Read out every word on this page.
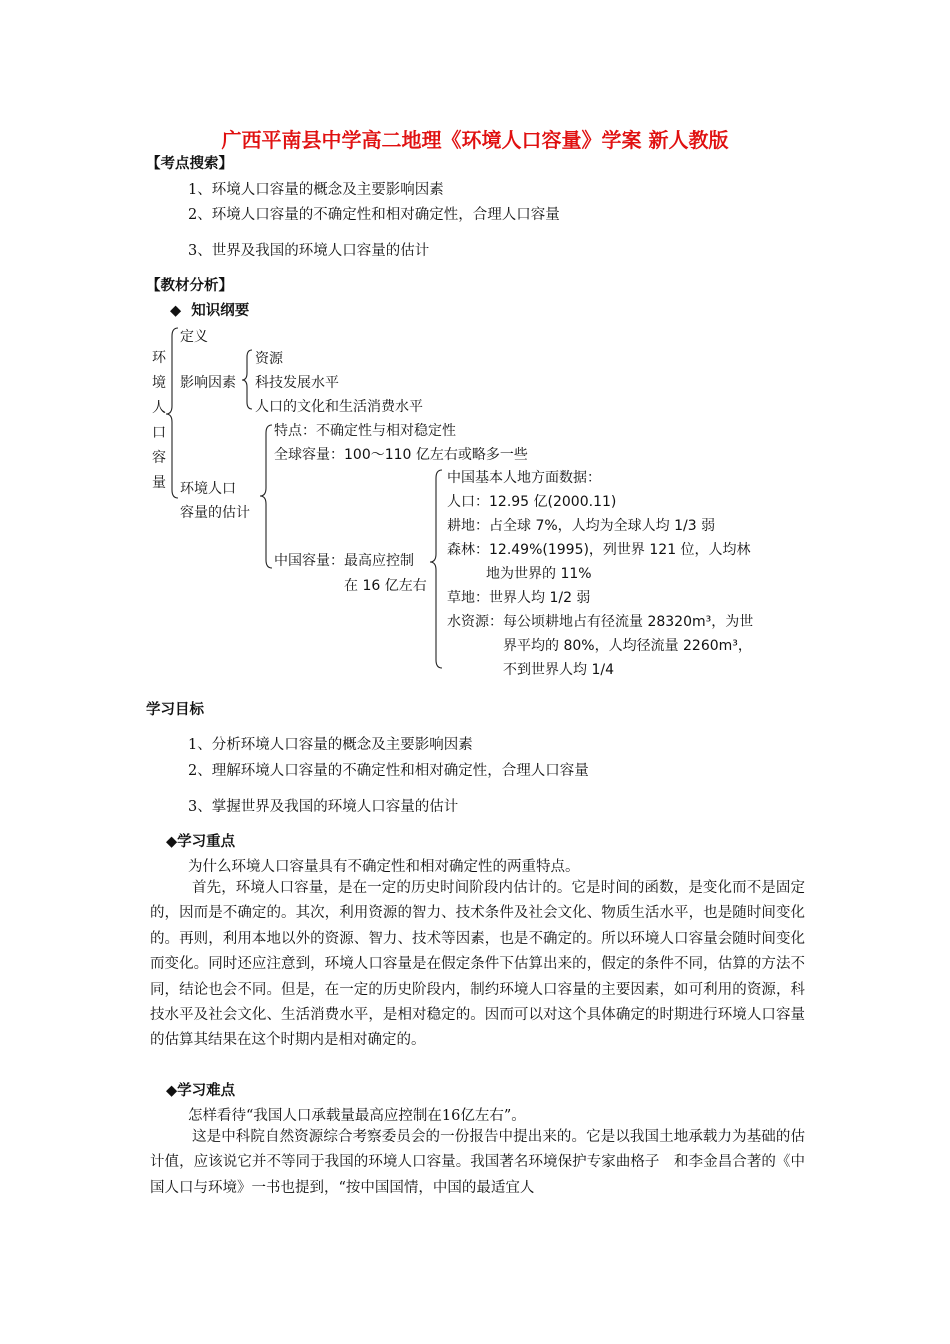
广西平南县中学高二地理《环境人口容量》学案 新人教版
【考点搜索】
1、环境人口容量的概念及主要影响因素
2、环境人口容量的不确定性和相对确定性，合理人口容量
3、世界及我国的环境人口容量的估计
【教材分析】
◆ 知识纲要
环境人口容量
定义
影响因素
资源
科技发展水平
人口的文化和生活消费水平
环境人口
容量的估计
特点：不确定性与相对稳定性
全球容量：100～110 亿左右或略多一些
中国容量：最高应控制
在 16 亿左右
中国基本人地方面数据：
人口：12.95 亿(2000.11)
耕地：占全球 7%，人均为全球人均 1/3 弱
森林：12.49%(1995)，列世界 121 位，人均林
地为世界的 11%
草地：世界人均 1/2 弱
水资源：每公顷耕地占有径流量 28320m³，为世
界平均的 80%，人均径流量 2260m³，
不到世界人均 1/4
学习目标
1、分析环境人口容量的概念及主要影响因素
2、理解环境人口容量的不确定性和相对确定性，合理人口容量
3、掌握世界及我国的环境人口容量的估计
◆学习重点
为什么环境人口容量具有不确定性和相对确定性的两重特点。
首先，环境人口容量，是在一定的历史时间阶段内估计的。它是时间的函数，是变化而不是固定的，因而是不确定的。其次，利用资源的智力、技术条件及社会文化、物质生活水平，也是随时间变化的。再则，利用本地以外的资源、智力、技术等因素，也是不确定的。所以环境人口容量会随时间变化而变化。同时还应注意到，环境人口容量是在假定条件下估算出来的，假定的条件不同，估算的方法不同，结论也会不同。但是，在一定的历史阶段内，制约环境人口容量的主要因素，如可利用的资源，科技水平及社会文化、生活消费水平，是相对稳定的。因而可以对这个具体确定的时期进行环境人口容量的估算其结果在这个时期内是相对确定的。
◆学习难点
怎样看待“我国人口承载量最高应控制在16亿左右”。
这是中科院自然资源综合考察委员会的一份报告中提出来的。它是以我国土地承载力为基础的估计值，应该说它并不等同于我国的环境人口容量。我国著名环境保护专家曲格子　和李金昌合著的《中国人口与环境》一书也提到，“按中国国情，中国的最适宜人
